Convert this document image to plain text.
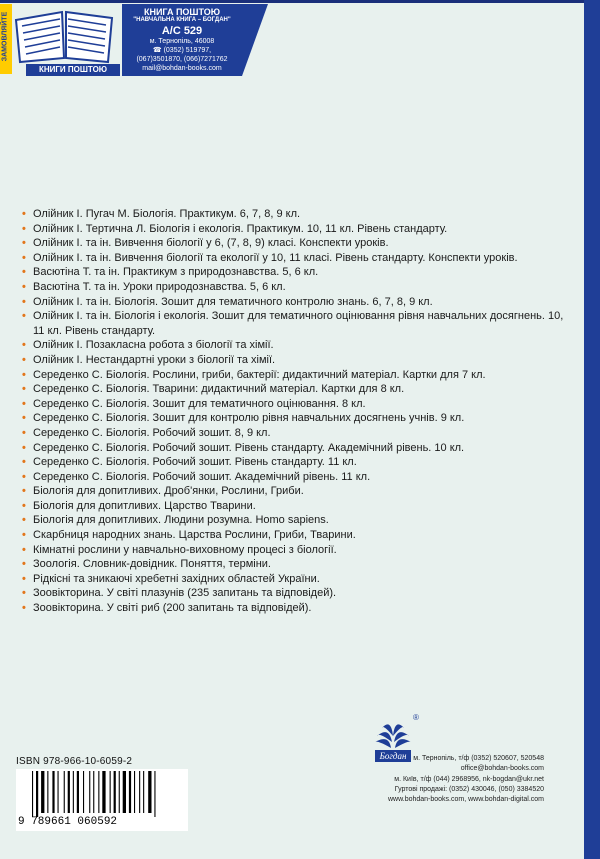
ЗАМОВЛЯЙТЕ
КНИГИ ПОШТОЮ
КНИГА ПОШТОЮ
"НАВЧАЛЬНА КНИГА – БОГДАН"
А/С 529
м. Тернопіль, 46008
☎ (0352) 519797,
(067)3501870, (066)7271762
mail@bohdan-books.com
• Олійник І. Пугач М. Біологія. Практикум. 6, 7, 8, 9 кл.
• Олійник І. Тертична Л. Біологія і екологія. Практикум. 10, 11 кл. Рівень стандарту.
• Олійник І. та ін. Вивчення біології у 6, (7, 8, 9) класі. Конспекти уроків.
• Олійник І. та ін. Вивчення біології та екології у 10, 11 класі. Рівень стандарту. Конспекти уроків.
• Васютіна Т. та ін. Практикум з природознавства. 5, 6 кл.
• Васютіна Т. та ін. Уроки природознавства. 5, 6 кл.
• Олійник І. та ін. Біологія. Зошит для тематичного контролю знань. 6, 7, 8, 9 кл.
• Олійник І. та ін. Біологія і екологія. Зошит для тематичного оцінювання рівня навчальних досягнень. 10, 11 кл. Рівень стандарту.
• Олійник І. Позакласна робота з біології та хімії.
• Олійник І. Нестандартні уроки з біології та хімії.
• Середенко С. Біологія. Рослини, гриби, бактерії: дидактичний матеріал. Картки для 7 кл.
• Середенко С. Біологія. Тварини: дидактичний матеріал. Картки для 8 кл.
• Середенко С. Біологія. Зошит для тематичного оцінювання. 8 кл.
• Середенко С. Біологія. Зошит для контролю рівня навчальних досягнень учнів. 9 кл.
• Середенко С. Біологія. Робочий зошит. 8, 9 кл.
• Середенко С. Біологія. Робочий зошит. Рівень стандарту. Академічний рівень. 10 кл.
• Середенко С. Біологія. Робочий зошит. Рівень стандарту. 11 кл.
• Середенко С. Біологія. Робочий зошит. Академічний рівень. 11 кл.
• Біологія для допитливих. Дроб'янки, Рослини, Гриби.
• Біологія для допитливих. Царство Тварини.
• Біологія для допитливих. Людини розумна. Homo sapiens.
• Скарбниця народних знань. Царства Рослини, Гриби, Тварини.
• Кімнатні рослини у навчально-виховному процесі з біології.
• Зоологія. Словник-довідник. Поняття, терміни.
• Рідкісні та зникаючі хребетні західних областей України.
• Зоовікторина. У світі плазунів (235 запитань та відповідей).
• Зоовікторина. У світі риб (200 запитань та відповідей).
Богдан
®
ISBN 978-966-10-6059-2
9 789661 060592
м. Тернопіль, т/ф (0352) 520607, 520548
office@bohdan-books.com
м. Київ, т/ф (044) 2968956, nk-bogdan@ukr.net
Гуртові продажі: (0352) 430046, (050) 3384520
www.bohdan-books.com, www.bohdan-digital.com
